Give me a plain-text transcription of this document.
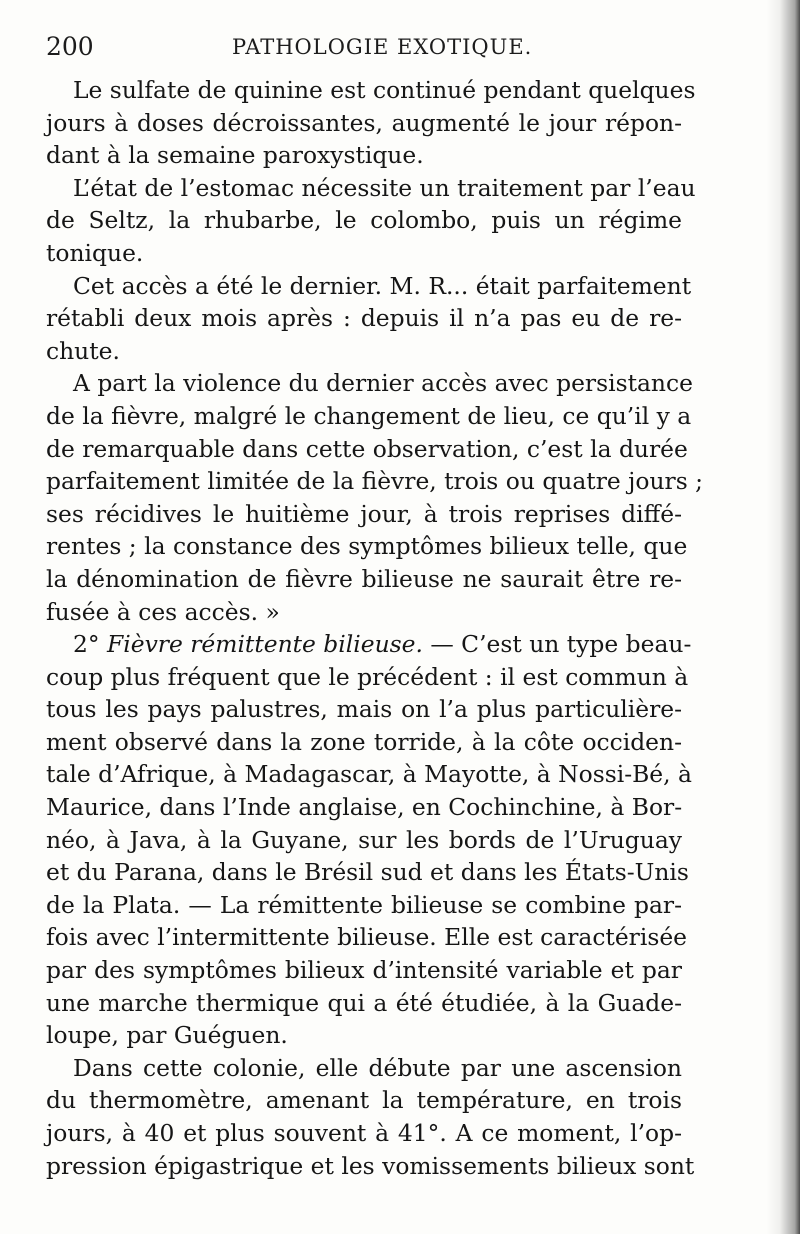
200	PATHOLOGIE EXOTIQUE.

Le sulfate de quinine est continué pendant quelques
jours à doses décroissantes, augmenté le jour répon-
dant à la semaine paroxystique.

L’état de l’estomac nécessite un traitement par l’eau
de Seltz, la rhubarbe, le colombo, puis un régime
tonique.

Cet accès a été le dernier. M. R... était parfaitement
rétabli deux mois après : depuis il n’a pas eu de re-
chute.

A part la violence du dernier accès avec persistance
de la fièvre, malgré le changement de lieu, ce qu’il y a
de remarquable dans cette observation, c’est la durée
parfaitement limitée de la fièvre, trois ou quatre jours ;
ses récidives le huitième jour, à trois reprises diffé-
rentes ; la constance des symptômes bilieux telle, que
la dénomination de fièvre bilieuse ne saurait être re-
fusée à ces accès. »

2° Fièvre rémittente bilieuse. — C’est un type beau-
coup plus fréquent que le précédent : il est commun à
tous les pays palustres, mais on l’a plus particulière-
ment observé dans la zone torride, à la côte occiden-
tale d’Afrique, à Madagascar, à Mayotte, à Nossi-Bé, à
Maurice, dans l’Inde anglaise, en Cochinchine, à Bor-
néo, à Java, à la Guyane, sur les bords de l’Uruguay
et du Parana, dans le Brésil sud et dans les États-Unis
de la Plata. — La rémittente bilieuse se combine par-
fois avec l’intermittente bilieuse. Elle est caractérisée
par des symptômes bilieux d’intensité variable et par
une marche thermique qui a été étudiée, à la Guade-
loupe, par Guéguen.

Dans cette colonie, elle débute par une ascension
du thermomètre, amenant la température, en trois
jours, à 40 et plus souvent à 41°. A ce moment, l’op-
pression épigastrique et les vomissements bilieux sont
